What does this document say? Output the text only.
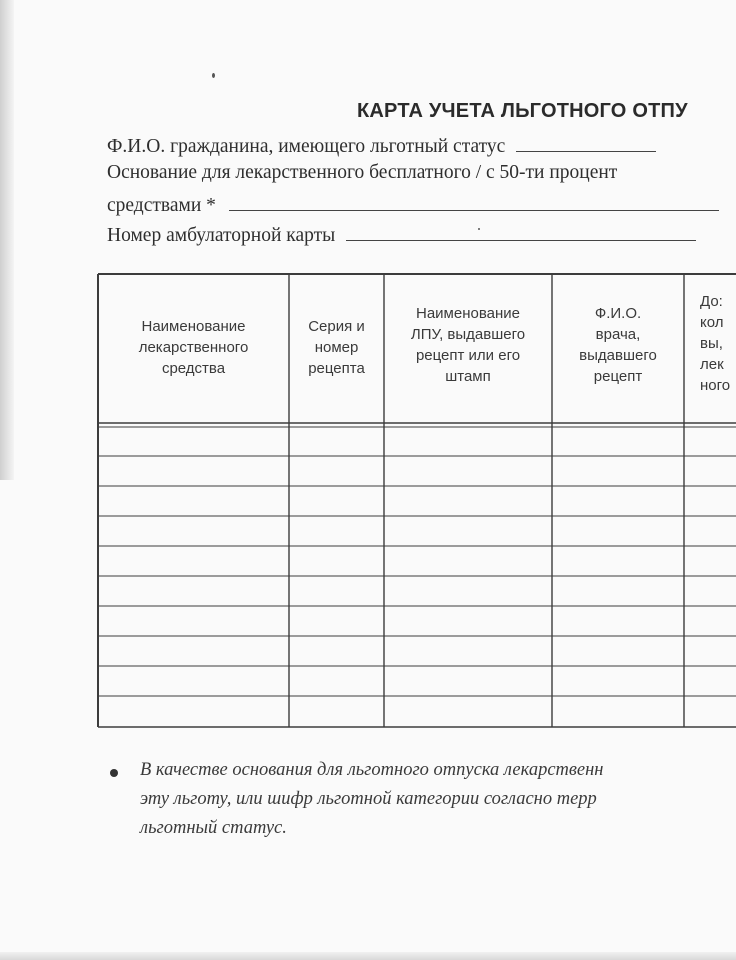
КАРТА УЧЕТА ЛЬГОТНОГО ОТПУ
Ф.И.О. гражданина, имеющего льготный статус
Основание для лекарственного бесплатного / с 50-ти процент
средствами *
Номер амбулаторной карты
Наименование
лекарственного
средства
Серия и
номер
рецепта
Наименование
ЛПУ, выдавшего
рецепт или его
штамп
Ф.И.О.
врача,
выдавшего
рецепт
До:
кол
вы,
лек
ного
В качестве основания для льготного отпуска лекарственн
эту льготу, или шифр льготной категории согласно терр
льготный статус.
